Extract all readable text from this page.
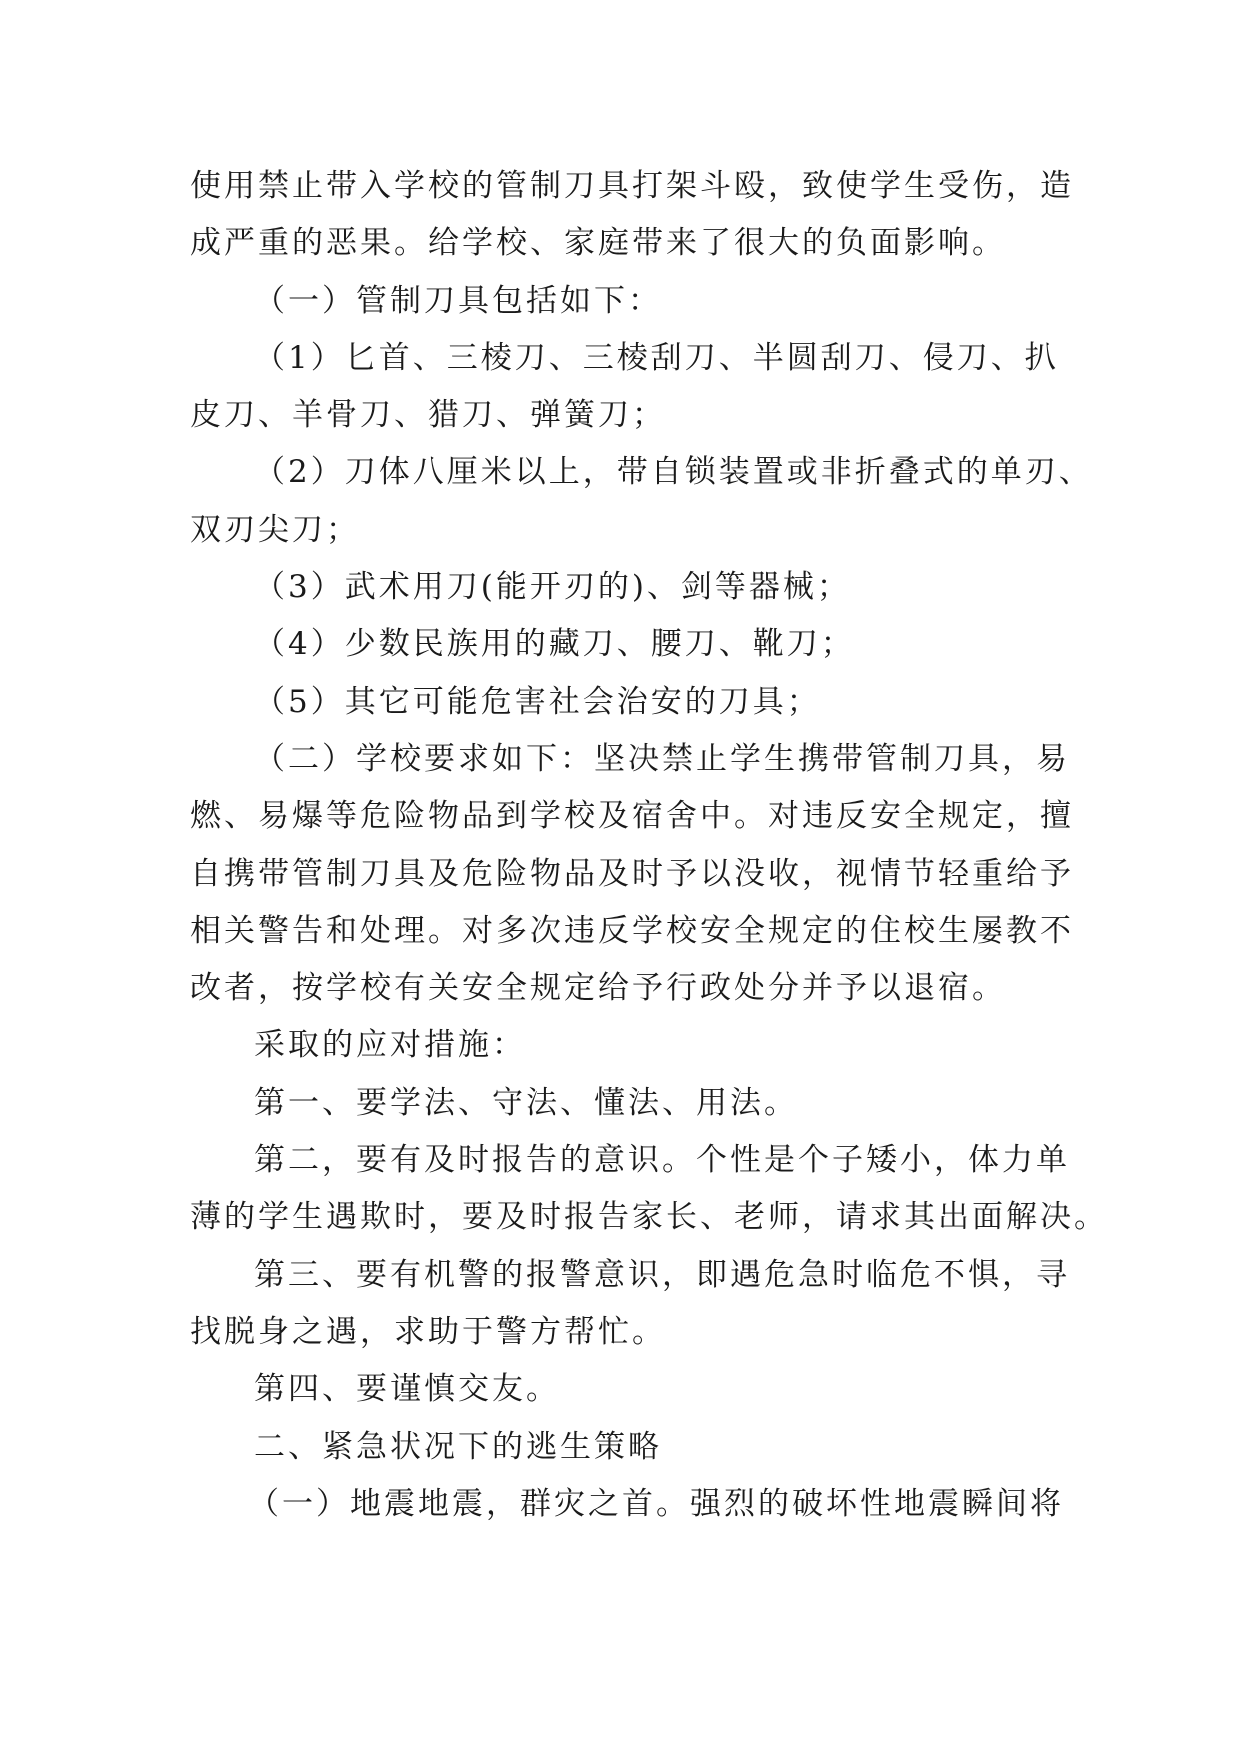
使用禁止带入学校的管制刀具打架斗殴，致使学生受伤，造
成严重的恶果。给学校、家庭带来了很大的负面影响。
（一）管制刀具包括如下：
（1）匕首、三棱刀、三棱刮刀、半圆刮刀、侵刀、扒
皮刀、羊骨刀、猎刀、弹簧刀；
（2）刀体八厘米以上，带自锁装置或非折叠式的单刃、
双刃尖刀；
（3）武术用刀(能开刃的)、剑等器械；
（4）少数民族用的藏刀、腰刀、靴刀；
（5）其它可能危害社会治安的刀具；
（二）学校要求如下：坚决禁止学生携带管制刀具，易
燃、易爆等危险物品到学校及宿舍中。对违反安全规定，擅
自携带管制刀具及危险物品及时予以没收，视情节轻重给予
相关警告和处理。对多次违反学校安全规定的住校生屡教不
改者，按学校有关安全规定给予行政处分并予以退宿。
采取的应对措施：
第一、要学法、守法、懂法、用法。
第二，要有及时报告的意识。个性是个子矮小，体力单
薄的学生遇欺时，要及时报告家长、老师，请求其出面解决。
第三、要有机警的报警意识，即遇危急时临危不惧，寻
找脱身之遇，求助于警方帮忙。
第四、要谨慎交友。
二、紧急状况下的逃生策略
（一）地震地震，群灾之首。强烈的破坏性地震瞬间将
